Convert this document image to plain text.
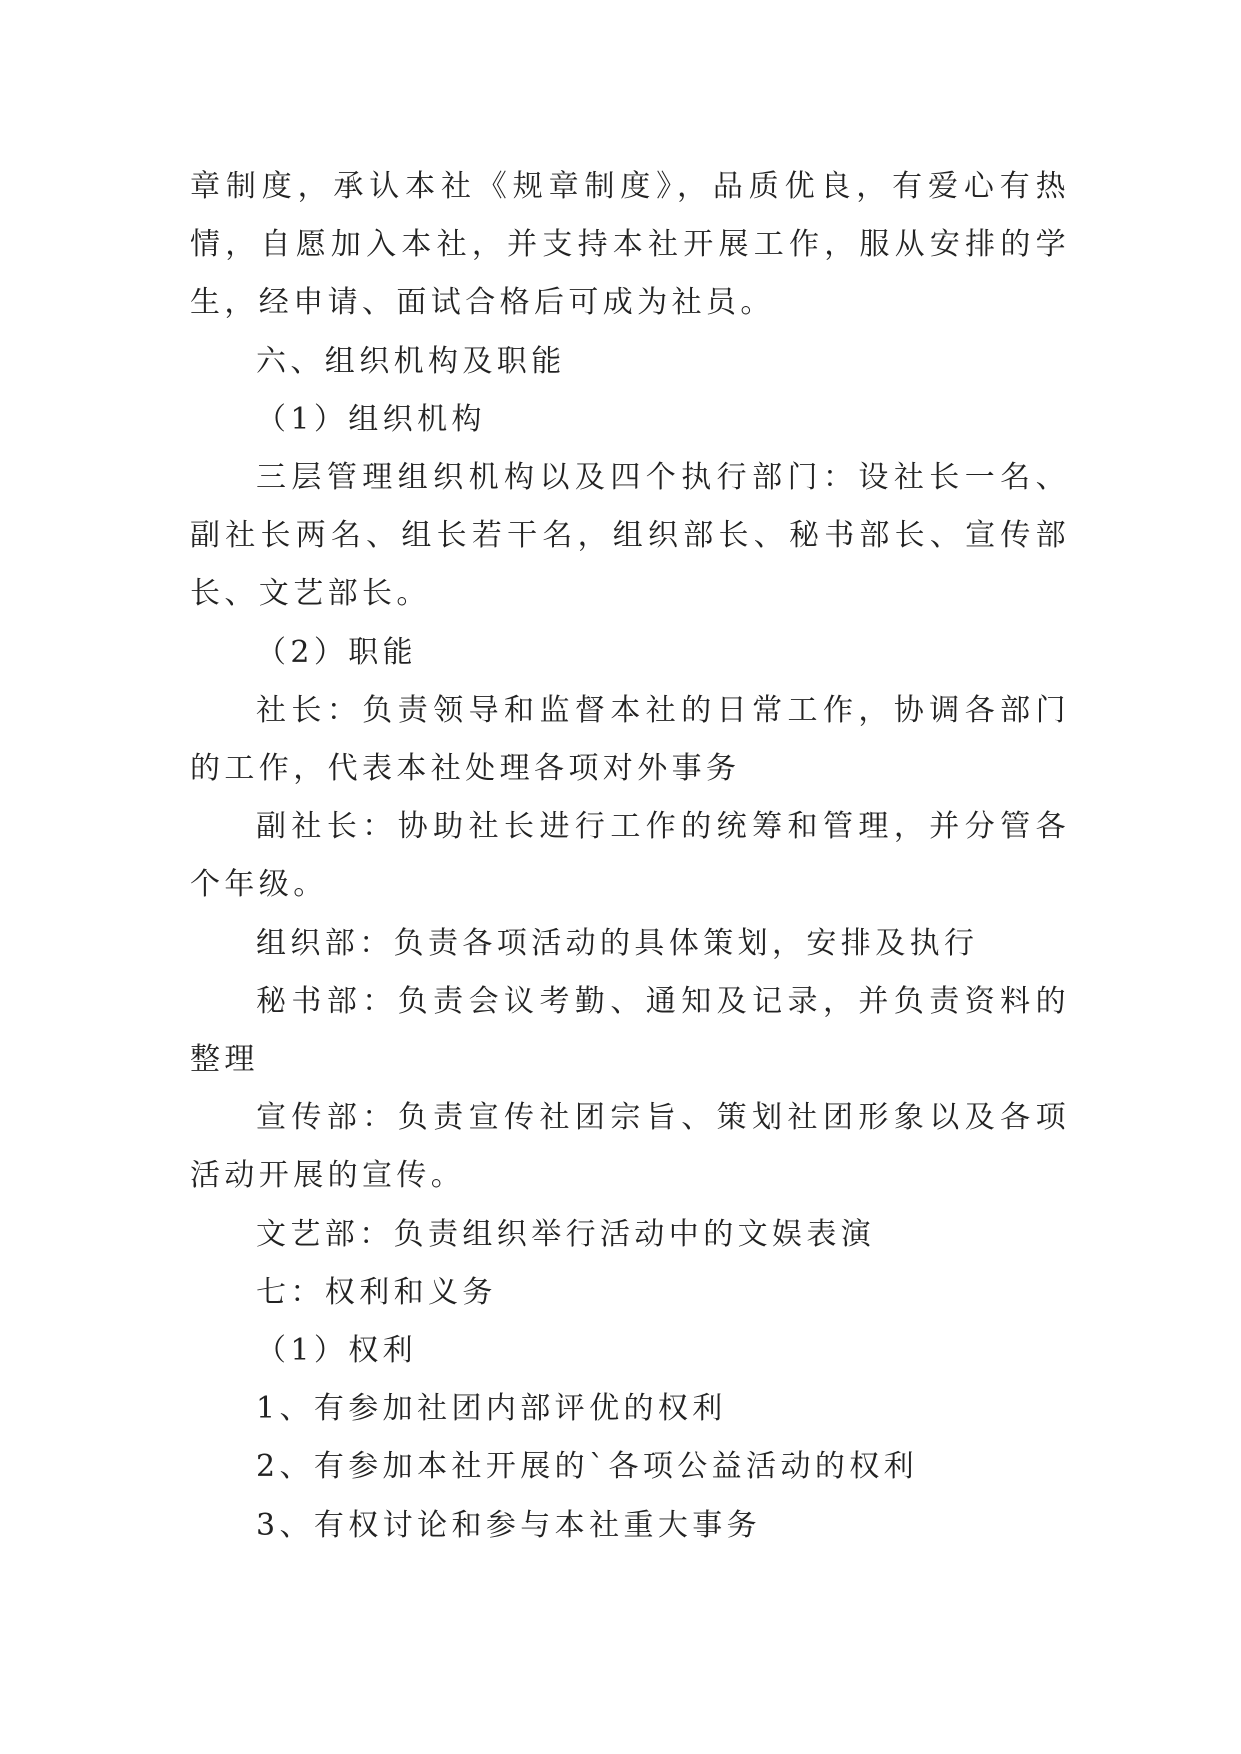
章制度，承认本社《规章制度》，品质优良，有爱心有热情，自愿加入本社，并支持本社开展工作，服从安排的学生，经申请、面试合格后可成为社员。

六、组织机构及职能

（1）组织机构

三层管理组织机构以及四个执行部门：设社长一名、副社长两名、组长若干名，组织部长、秘书部长、宣传部长、文艺部长。

（2）职能

社长：负责领导和监督本社的日常工作，协调各部门的工作，代表本社处理各项对外事务

副社长：协助社长进行工作的统筹和管理，并分管各个年级。

组织部：负责各项活动的具体策划，安排及执行

秘书部：负责会议考勤、通知及记录，并负责资料的整理

宣传部：负责宣传社团宗旨、策划社团形象以及各项活动开展的宣传。

文艺部：负责组织举行活动中的文娱表演

七：权利和义务

（1）权利

1、有参加社团内部评优的权利

2、有参加本社开展的`各项公益活动的权利

3、有权讨论和参与本社重大事务
